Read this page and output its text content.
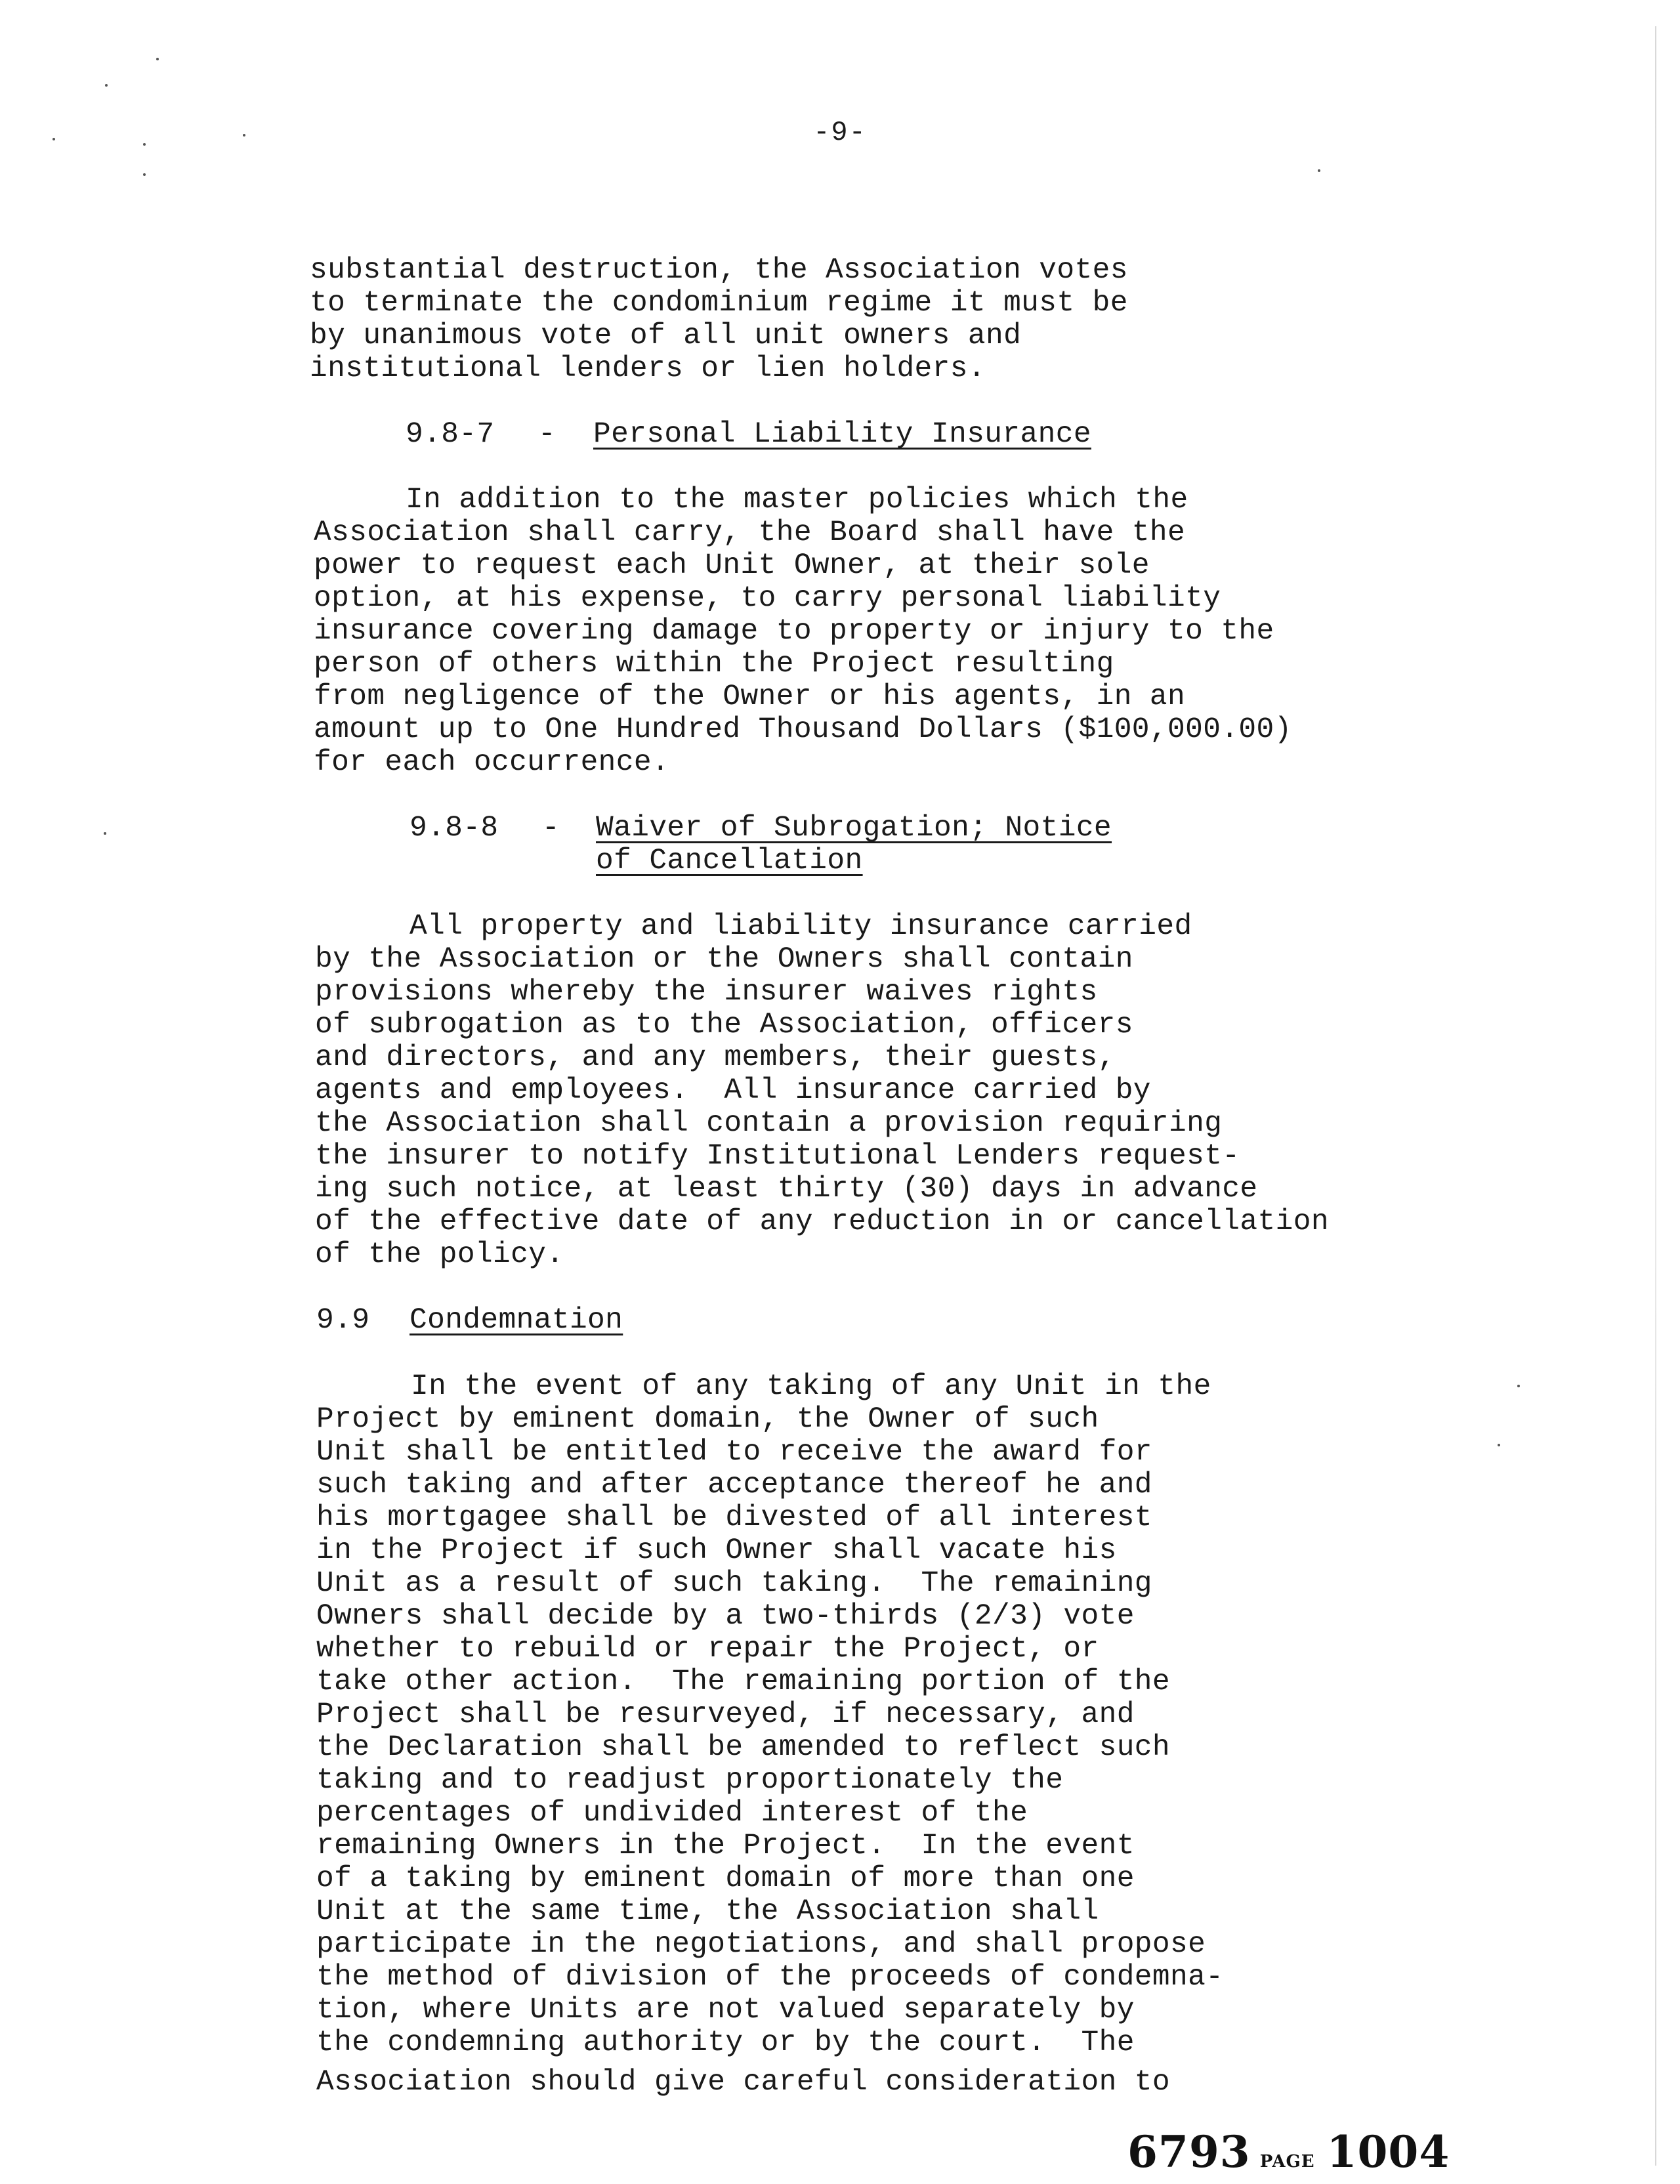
-9-
substantial destruction, the Association votes
to terminate the condominium regime it must be
by unanimous vote of all unit owners and
institutional lenders or lien holders.
9.8-7 - Personal Liability Insurance
In addition to the master policies which the
Association shall carry, the Board shall have the
power to request each Unit Owner, at their sole
option, at his expense, to carry personal liability
insurance covering damage to property or injury to the
person of others within the Project resulting
from negligence of the Owner or his agents, in an
amount up to One Hundred Thousand Dollars ($100,000.00)
for each occurrence.
9.8-8 - Waiver of Subrogation; Notice
of Cancellation
All property and liability insurance carried
by the Association or the Owners shall contain
provisions whereby the insurer waives rights
of subrogation as to the Association, officers
and directors, and any members, their guests,
agents and employees.  All insurance carried by
the Association shall contain a provision requiring
the insurer to notify Institutional Lenders request-
ing such notice, at least thirty (30) days in advance
of the effective date of any reduction in or cancellation
of the policy.
9.9 Condemnation
In the event of any taking of any Unit in the
Project by eminent domain, the Owner of such
Unit shall be entitled to receive the award for
such taking and after acceptance thereof he and
his mortgagee shall be divested of all interest
in the Project if such Owner shall vacate his
Unit as a result of such taking.  The remaining
Owners shall decide by a two-thirds (2/3) vote
whether to rebuild or repair the Project, or
take other action.  The remaining portion of the
Project shall be resurveyed, if necessary, and
the Declaration shall be amended to reflect such
taking and to readjust proportionately the
percentages of undivided interest of the
remaining Owners in the Project.  In the event
of a taking by eminent domain of more than one
Unit at the same time, the Association shall
participate in the negotiations, and shall propose
the method of division of the proceeds of condemna-
tion, where Units are not valued separately by
the condemning authority or by the court.  The
Association should give careful consideration to
6793 PAGE 1004
